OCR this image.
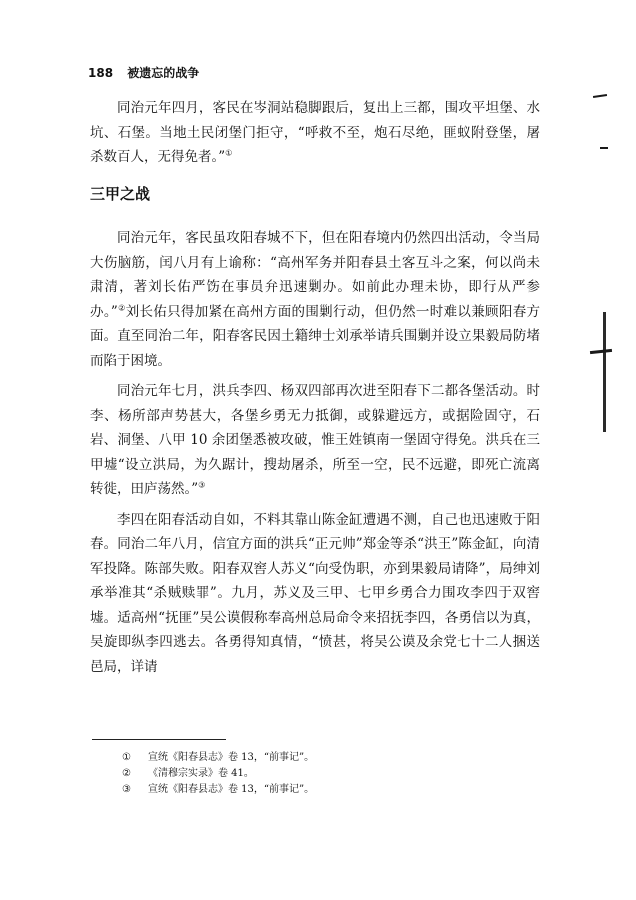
188 被遗忘的战争

同治元年四月，客民在岑洞站稳脚跟后，复出上三都，围攻平坦堡、水坑、石堡。当地土民闭堡门拒守，“呼救不至，炮石尽绝，匪蚁附登堡，屠杀数百人，无得免者。”①

三甲之战

同治元年，客民虽攻阳春城不下，但在阳春境内仍然四出活动，令当局大伤脑筋，闰八月有上谕称：“高州军务并阳春县土客互斗之案，何以尚未肃清，著刘长佑严饬在事员弁迅速剿办。如前此办理未协，即行从严参办。”②刘长佑只得加紧在高州方面的围剿行动，但仍然一时难以兼顾阳春方面。直至同治二年，阳春客民因土籍绅士刘承举请兵围剿并设立果毅局防堵而陷于困境。

同治元年七月，洪兵李四、杨双四部再次进至阳春下二都各堡活动。时李、杨所部声势甚大，各堡乡勇无力抵御，或躲避远方，或据险固守，石岩、洞堡、八甲 10 余团堡悉被攻破，惟王姓镇南一堡固守得免。洪兵在三甲墟“设立洪局，为久踞计，搜劫屠杀，所至一空，民不远避，即死亡流离转徙，田庐荡然。”③

李四在阳春活动自如，不料其靠山陈金缸遭遇不测，自己也迅速败于阳春。同治二年八月，信宜方面的洪兵“正元帅”郑金等杀“洪王”陈金缸，向清军投降。陈部失败。阳春双窖人苏义“向受伪职，亦到果毅局请降”，局绅刘承举准其“杀贼赎罪”。九月，苏义及三甲、七甲乡勇合力围攻李四于双窖墟。适高州“抚匪”吴公谟假称奉高州总局命令来招抚李四，各勇信以为真，吴旋即纵李四逃去。各勇得知真情，“愤甚，将吴公谟及余党七十二人捆送邑局，详请

① 宣统《阳春县志》卷 13，“前事记”。
② 《清穆宗实录》卷 41。
③ 宣统《阳春县志》卷 13，“前事记”。
